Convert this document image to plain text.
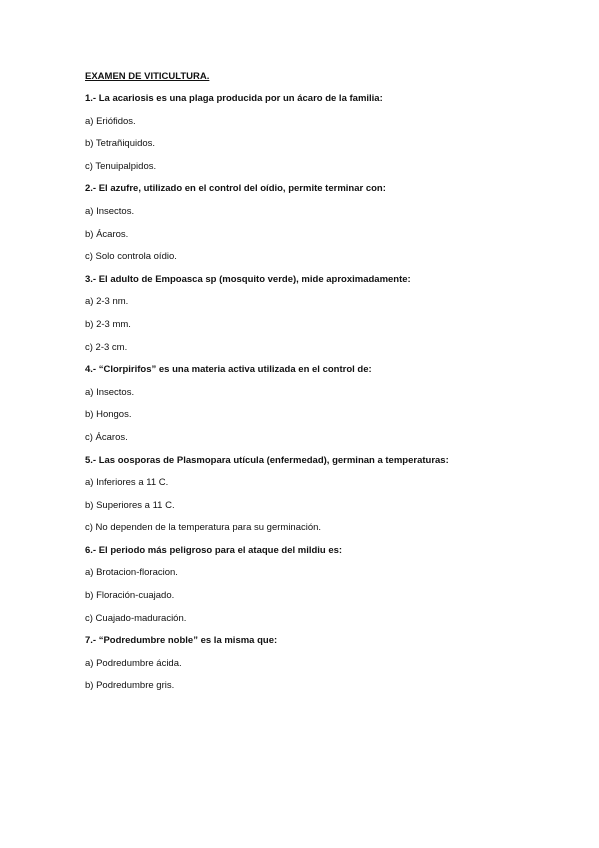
EXAMEN DE VITICULTURA.
1.- La acariosis es una plaga producida por un ácaro de la familia:
a) Eriófidos.
b) Tetrañiquidos.
c) Tenuipalpidos.
2.- El azufre, utilizado en el control del oídio, permite terminar con:
a) Insectos.
b) Ácaros.
c) Solo controla oídio.
3.- El adulto de Empoasca sp (mosquito verde), mide aproximadamente:
a) 2-3 nm.
b) 2-3 mm.
c) 2-3 cm.
4.- “Clorpirifos” es una materia activa utilizada en el control de:
a) Insectos.
b) Hongos.
c) Ácaros.
5.- Las oosporas de Plasmopara utícula (enfermedad), germinan a temperaturas:
a) Inferiores a 11 C.
b) Superiores a 11 C.
c) No dependen de la temperatura para su germinación.
6.- El periodo más peligroso para el ataque del mildiu es:
a) Brotacion-floracion.
b) Floración-cuajado.
c) Cuajado-maduración.
7.- “Podredumbre noble” es la misma que:
a) Podredumbre ácida.
b) Podredumbre gris.
